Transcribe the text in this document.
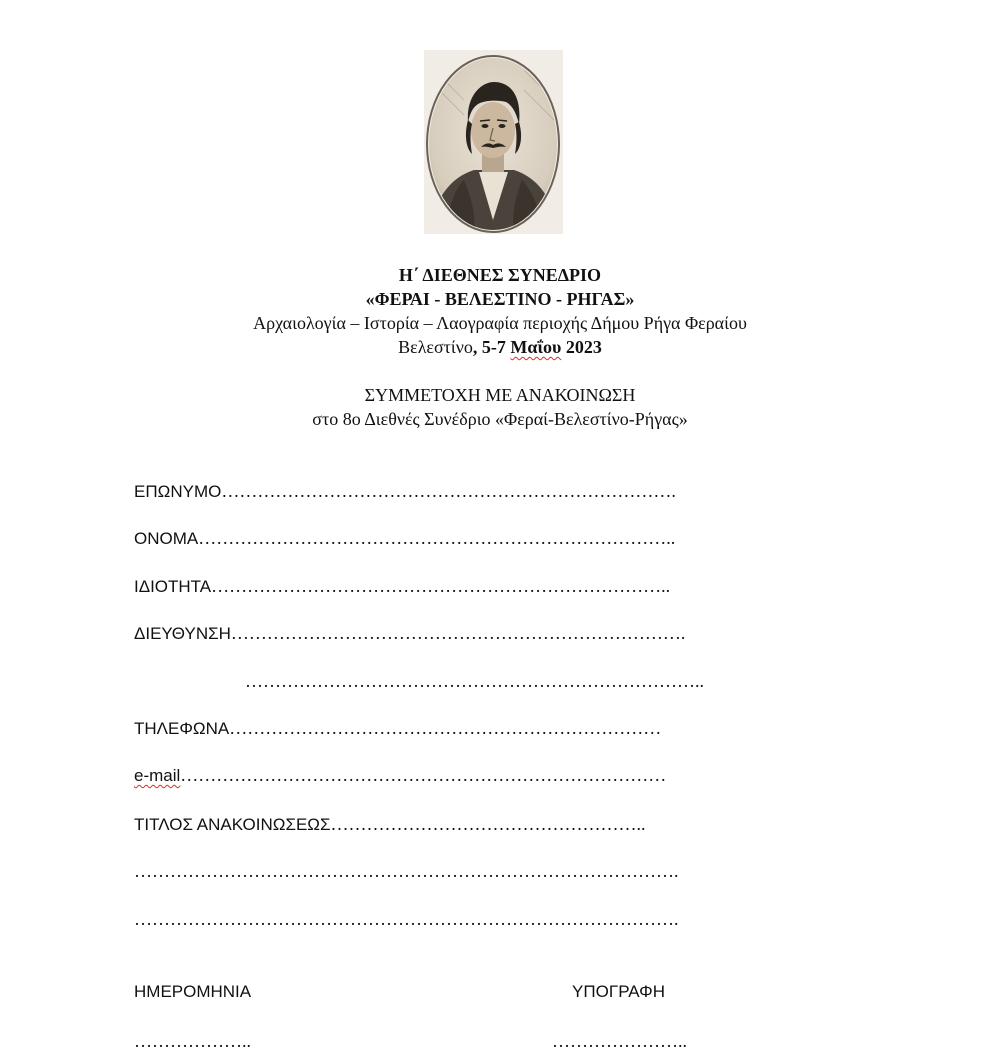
Η΄ ΔΙΕΘΝΕΣ ΣΥΝΕΔΡΙΟ
«ΦΕΡΑΙ - ΒΕΛΕΣΤΙΝΟ - ΡΗΓΑΣ»
Αρχαιολογία – Ιστορία – Λαογραφία περιοχής Δήμου Ρήγα Φεραίου
Βελεστίνο, 5-7 Μαΐου 2023
ΣΥΜΜΕΤΟΧΗ ΜΕ ΑΝΑΚΟΙΝΩΣΗ
στο 8ο Διεθνές Συνέδριο «Φεραί-Βελεστίνο-Ρήγας»
ΕΠΩΝΥΜΟ………………………………………………………………….
ΟΝΟΜΑ……………………………………………………………………..
ΙΔΙΟΤΗΤΑ…………………………………………………………………..
ΔΙΕΥΘΥΝΣΗ………………………………………………………………….
…………………………………………………………………..
ΤΗΛΕΦΩΝΑ………………………………………………………………
e-mail………………………………………………………………………
ΤΙΤΛΟΣ ΑΝΑΚΟΙΝΩΣΕΩΣ……………………………………………..
……………………………………………………………………………….
……………………………………………………………………………….
ΗΜΕΡΟΜΗΝΙΑ	ΥΠΟΓΡΑΦΗ
………………..	…………………..
